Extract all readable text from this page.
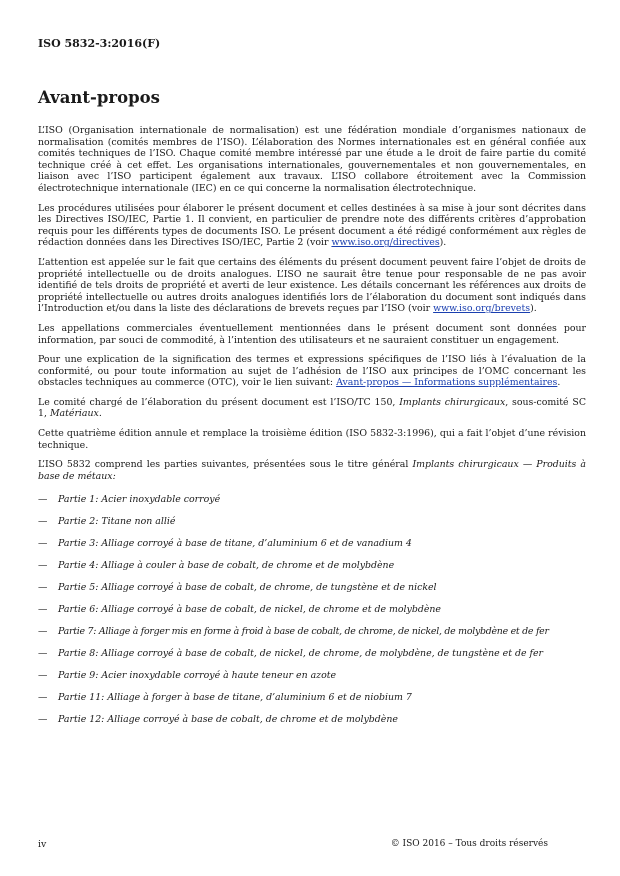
ISO 5832-3:2016(F)
Avant-propos

L’ISO (Organisation internationale de normalisation) est une fédération mondiale d’organismes nationaux de normalisation (comités membres de l’ISO). L’élaboration des Normes internationales est en général confiée aux comités techniques de l’ISO. Chaque comité membre intéressé par une étude a le droit de faire partie du comité technique créé à cet effet. Les organisations internationales, gouvernementales et non gouvernementales, en liaison avec l’ISO participent également aux travaux. L’ISO collabore étroitement avec la Commission électrotechnique internationale (IEC) en ce qui concerne la normalisation électrotechnique.

Les procédures utilisées pour élaborer le présent document et celles destinées à sa mise à jour sont décrites dans les Directives ISO/IEC, Partie 1. Il convient, en particulier de prendre note des différents critères d’approbation requis pour les différents types de documents ISO. Le présent document a été rédigé conformément aux règles de rédaction données dans les Directives ISO/IEC, Partie 2 (voir www.iso.org/directives).

L’attention est appelée sur le fait que certains des éléments du présent document peuvent faire l’objet de droits de propriété intellectuelle ou de droits analogues. L’ISO ne saurait être tenue pour responsable de ne pas avoir identifié de tels droits de propriété et averti de leur existence. Les détails concernant les références aux droits de propriété intellectuelle ou autres droits analogues identifiés lors de l’élaboration du document sont indiqués dans l’Introduction et/ou dans la liste des déclarations de brevets reçues par l’ISO (voir www.iso.org/brevets).

Les appellations commerciales éventuellement mentionnées dans le présent document sont données pour information, par souci de commodité, à l’intention des utilisateurs et ne sauraient constituer un engagement.

Pour une explication de la signification des termes et expressions spécifiques de l’ISO liés à l’évaluation de la conformité, ou pour toute information au sujet de l’adhésion de l’ISO aux principes de l’OMC concernant les obstacles techniques au commerce (OTC), voir le lien suivant: Avant-propos — Informations supplémentaires.

Le comité chargé de l’élaboration du présent document est l’ISO/TC 150, Implants chirurgicaux, sous-comité SC 1, Matériaux.

Cette quatrième édition annule et remplace la troisième édition (ISO 5832-3:1996), qui a fait l’objet d’une révision technique.

L’ISO 5832 comprend les parties suivantes, présentées sous le titre général Implants chirurgicaux — Produits à base de métaux:

— Partie 1: Acier inoxydable corroyé
— Partie 2: Titane non allié
— Partie 3: Alliage corroyé à base de titane, d’aluminium 6 et de vanadium 4
— Partie 4: Alliage à couler à base de cobalt, de chrome et de molybdène
— Partie 5: Alliage corroyé à base de cobalt, de chrome, de tungstène et de nickel
— Partie 6: Alliage corroyé à base de cobalt, de nickel, de chrome et de molybdène
— Partie 7: Alliage à forger mis en forme à froid à base de cobalt, de chrome, de nickel, de molybdène et de fer
— Partie 8: Alliage corroyé à base de cobalt, de nickel, de chrome, de molybdène, de tungstène et de fer
— Partie 9: Acier inoxydable corroyé à haute teneur en azote
— Partie 11: Alliage à forger à base de titane, d’aluminium 6 et de niobium 7
— Partie 12: Alliage corroyé à base de cobalt, de chrome et de molybdène
iv	© ISO 2016 – Tous droits réservés
